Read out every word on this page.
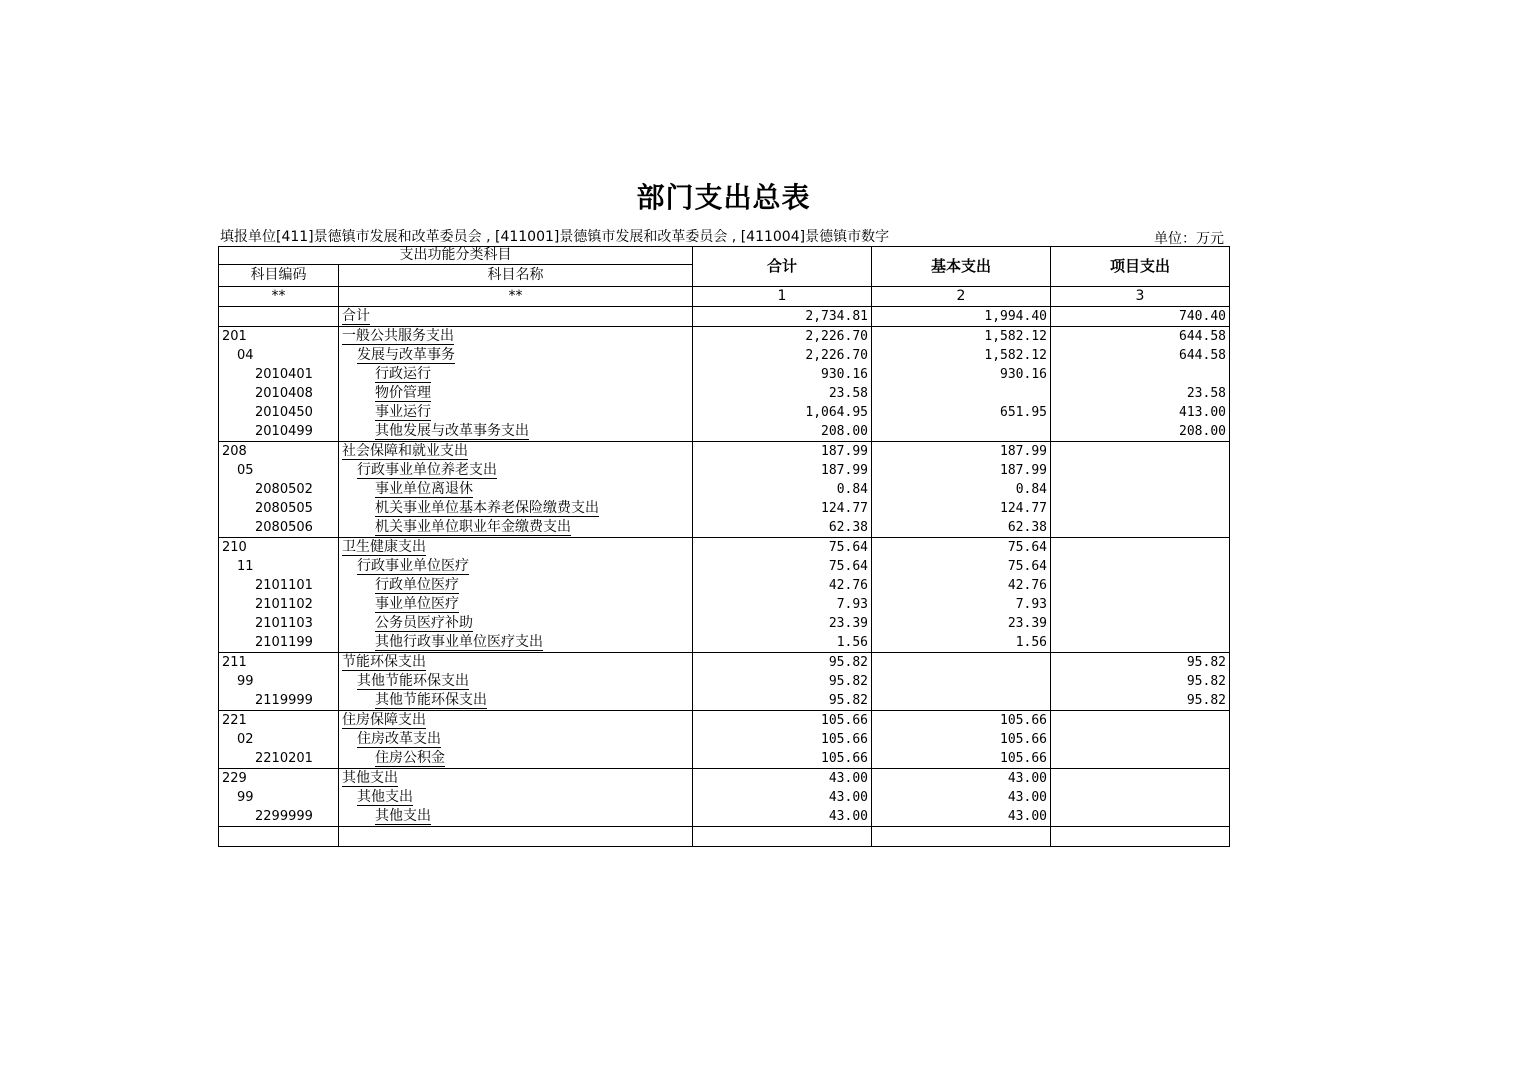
部门支出总表
填报单位[411]景德镇市发展和改革委员会 , [411001]景德镇市发展和改革委员会 , [411004]景德镇市数字	单位：万元
支出功能分类科目		合计	基本支出	项目支出
科目编码	科目名称			
**	**	1	2	3
	合计	2,734.81	1,994.40	740.40
201	一般公共服务支出	2,226.70	1,582.12	644.58
04	发展与改革事务	2,226.70	1,582.12	644.58
2010401	行政运行	930.16	930.16	
2010408	物价管理	23.58		23.58
2010450	事业运行	1,064.95	651.95	413.00
2010499	其他发展与改革事务支出	208.00		208.00
208	社会保障和就业支出	187.99	187.99	
05	行政事业单位养老支出	187.99	187.99	
2080502	事业单位离退休	0.84	0.84	
2080505	机关事业单位基本养老保险缴费支出	124.77	124.77	
2080506	机关事业单位职业年金缴费支出	62.38	62.38	
210	卫生健康支出	75.64	75.64	
11	行政事业单位医疗	75.64	75.64	
2101101	行政单位医疗	42.76	42.76	
2101102	事业单位医疗	7.93	7.93	
2101103	公务员医疗补助	23.39	23.39	
2101199	其他行政事业单位医疗支出	1.56	1.56	
211	节能环保支出	95.82		95.82
99	其他节能环保支出	95.82		95.82
2119999	其他节能环保支出	95.82		95.82
221	住房保障支出	105.66	105.66	
02	住房改革支出	105.66	105.66	
2210201	住房公积金	105.66	105.66	
229	其他支出	43.00	43.00	
99	其他支出	43.00	43.00	
2299999	其他支出	43.00	43.00	
